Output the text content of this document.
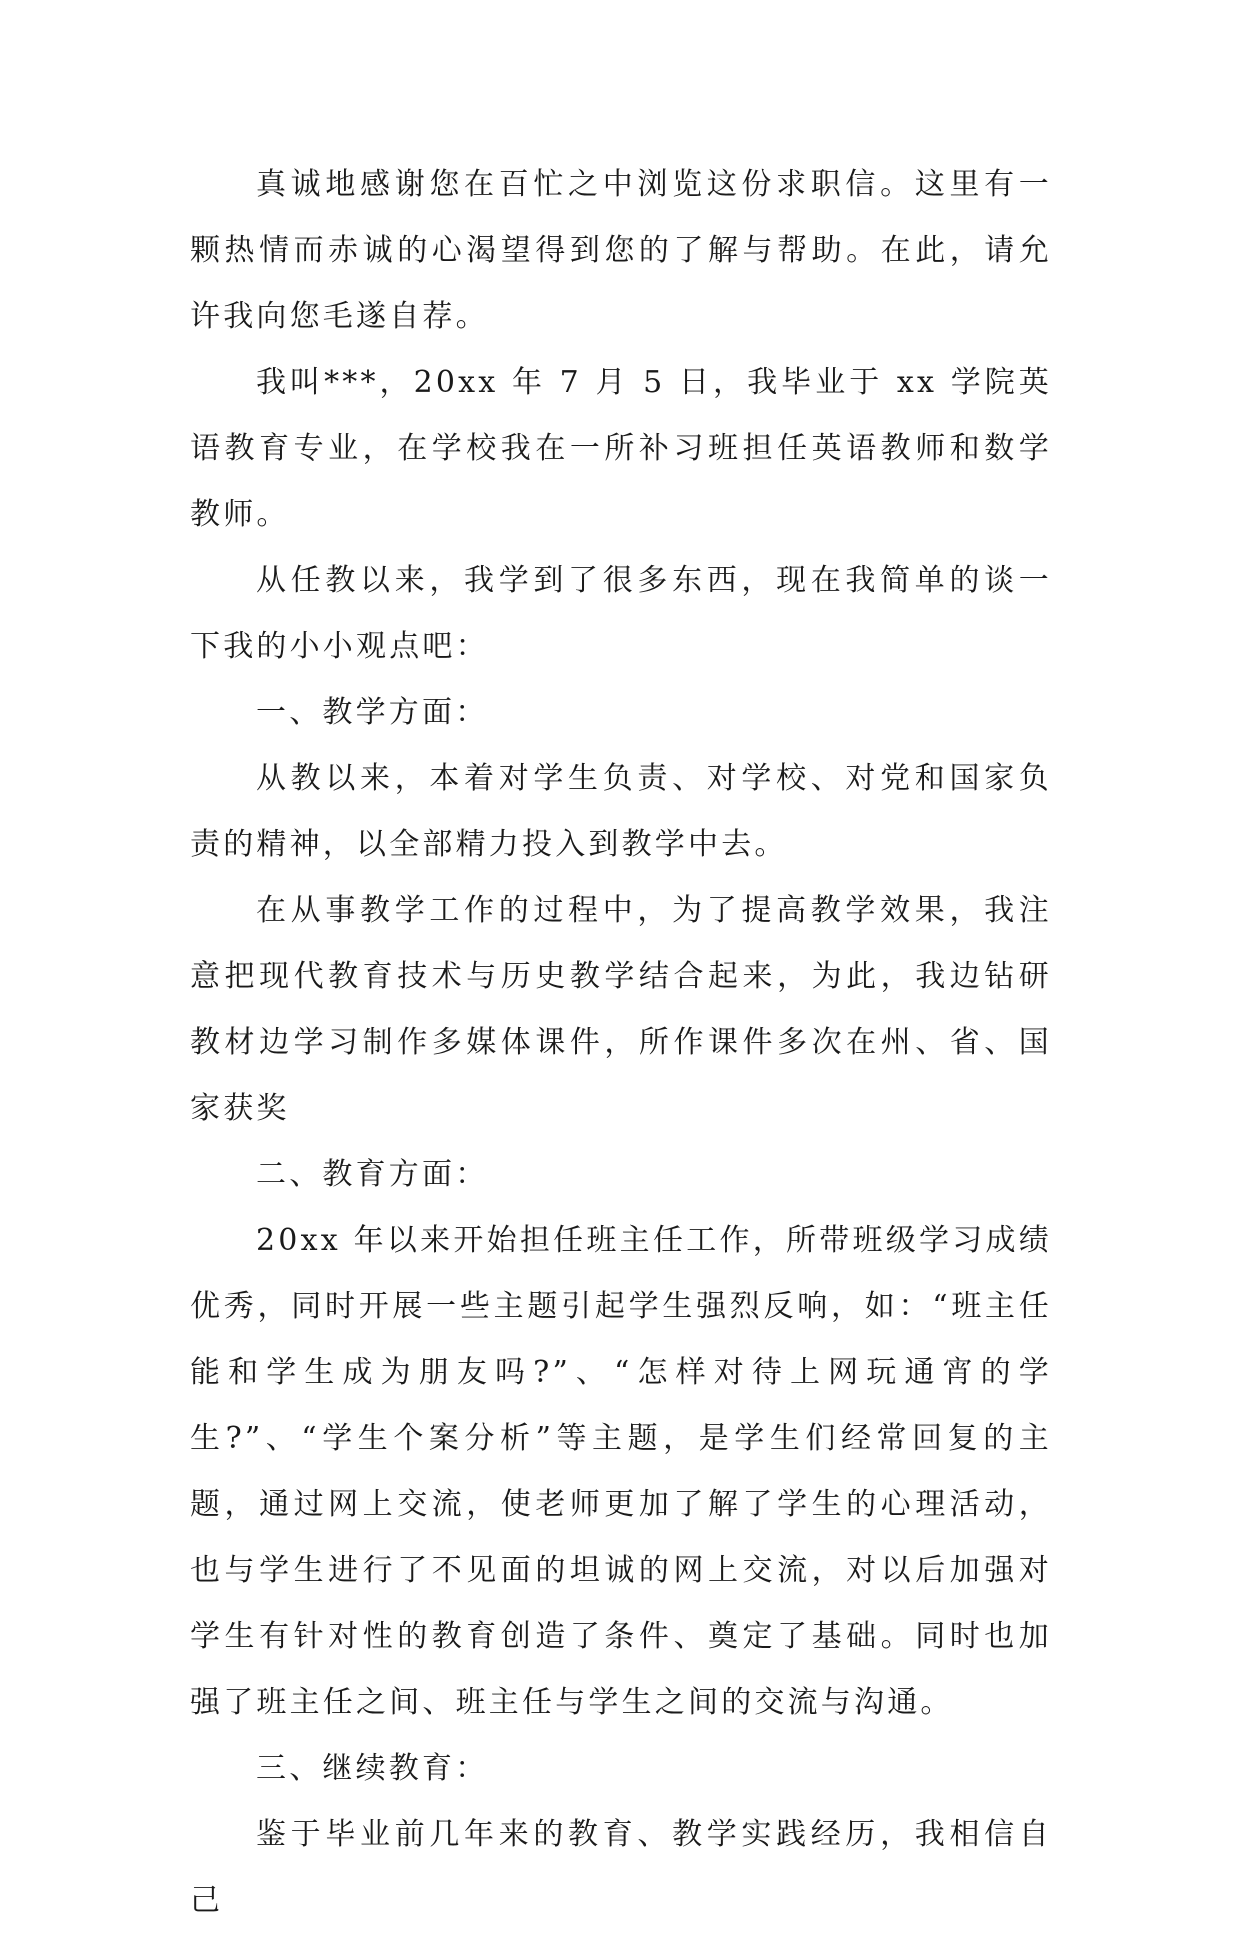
真诚地感谢您在百忙之中浏览这份求职信。这里有一颗热情而赤诚的心渴望得到您的了解与帮助。在此，请允许我向您毛遂自荐。

我叫***，20xx 年 7 月 5 日，我毕业于 xx 学院英语教育专业，在学校我在一所补习班担任英语教师和数学教师。

从任教以来，我学到了很多东西，现在我简单的谈一下我的小小观点吧：

一、教学方面：

从教以来，本着对学生负责、对学校、对党和国家负责的精神，以全部精力投入到教学中去。

在从事教学工作的过程中，为了提高教学效果，我注意把现代教育技术与历史教学结合起来，为此，我边钻研教材边学习制作多媒体课件，所作课件多次在州、省、国家获奖

二、教育方面：

20xx 年以来开始担任班主任工作，所带班级学习成绩优秀，同时开展一些主题引起学生强烈反响，如：“班主任能和学生成为朋友吗?”、“怎样对待上网玩通宵的学生?”、“学生个案分析”等主题，是学生们经常回复的主题，通过网上交流，使老师更加了解了学生的心理活动，也与学生进行了不见面的坦诚的网上交流，对以后加强对学生有针对性的教育创造了条件、奠定了基础。同时也加强了班主任之间、班主任与学生之间的交流与沟通。

三、继续教育：

鉴于毕业前几年来的教育、教学实践经历，我相信自己
